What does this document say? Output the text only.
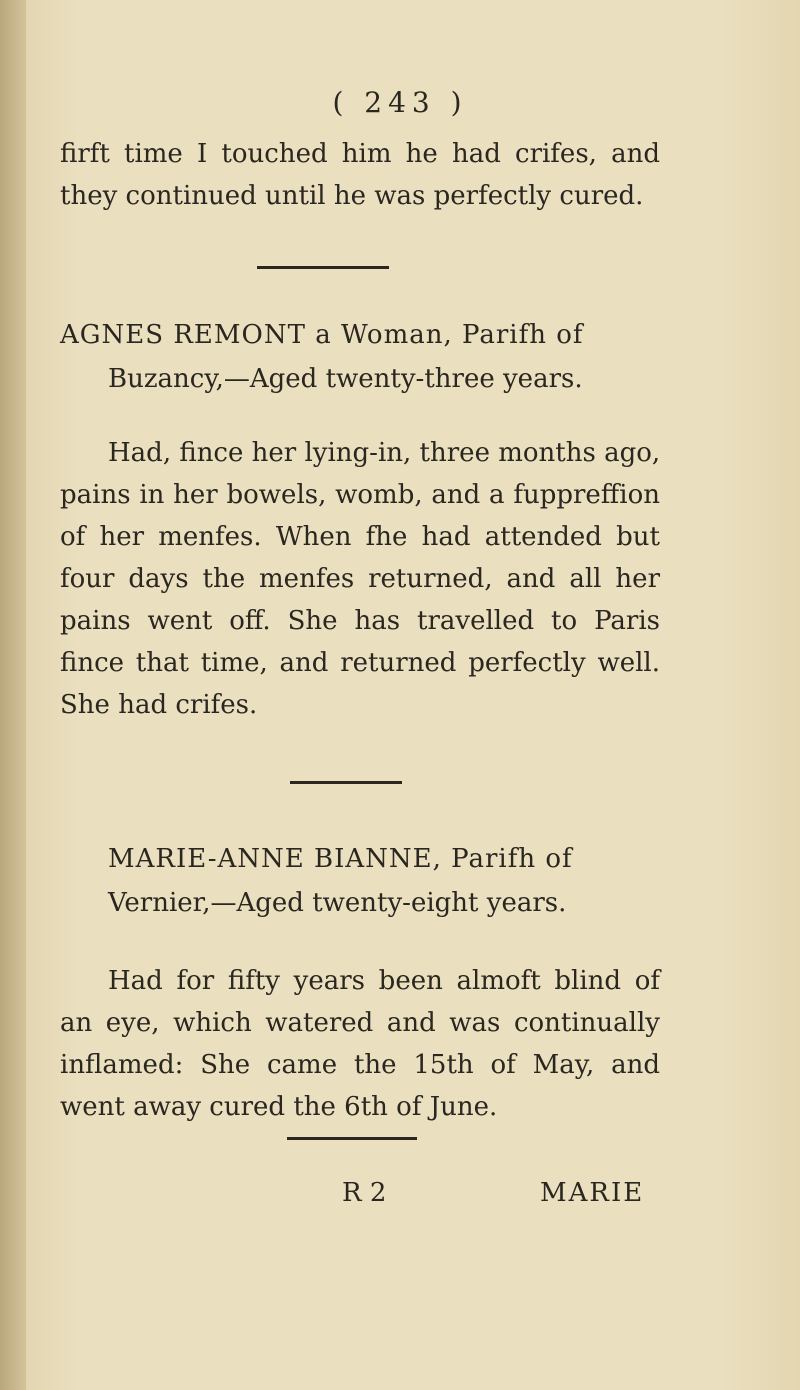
( 243 )
firft time I touched him he had crifes, and
they continued until he was perfectly cured.
AGNES REMONT a Woman, Parifh of
Buzancy,—Aged twenty-three years.
Had, fince her lying-in, three months ago,
pains in her bowels, womb, and a fuppreffion
of her menfes. When fhe had attended but
four days the menfes returned, and all her
pains went off. She has travelled to Paris
fince that time, and returned perfectly well.
She had crifes.
MARIE-ANNE BIANNE, Parifh of
Vernier,—Aged twenty-eight years.
Had for fifty years been almoft blind of
an eye, which watered and was continually
inflamed: She came the 15th of May, and
went away cured the 6th of June.
R 2	MARIE
